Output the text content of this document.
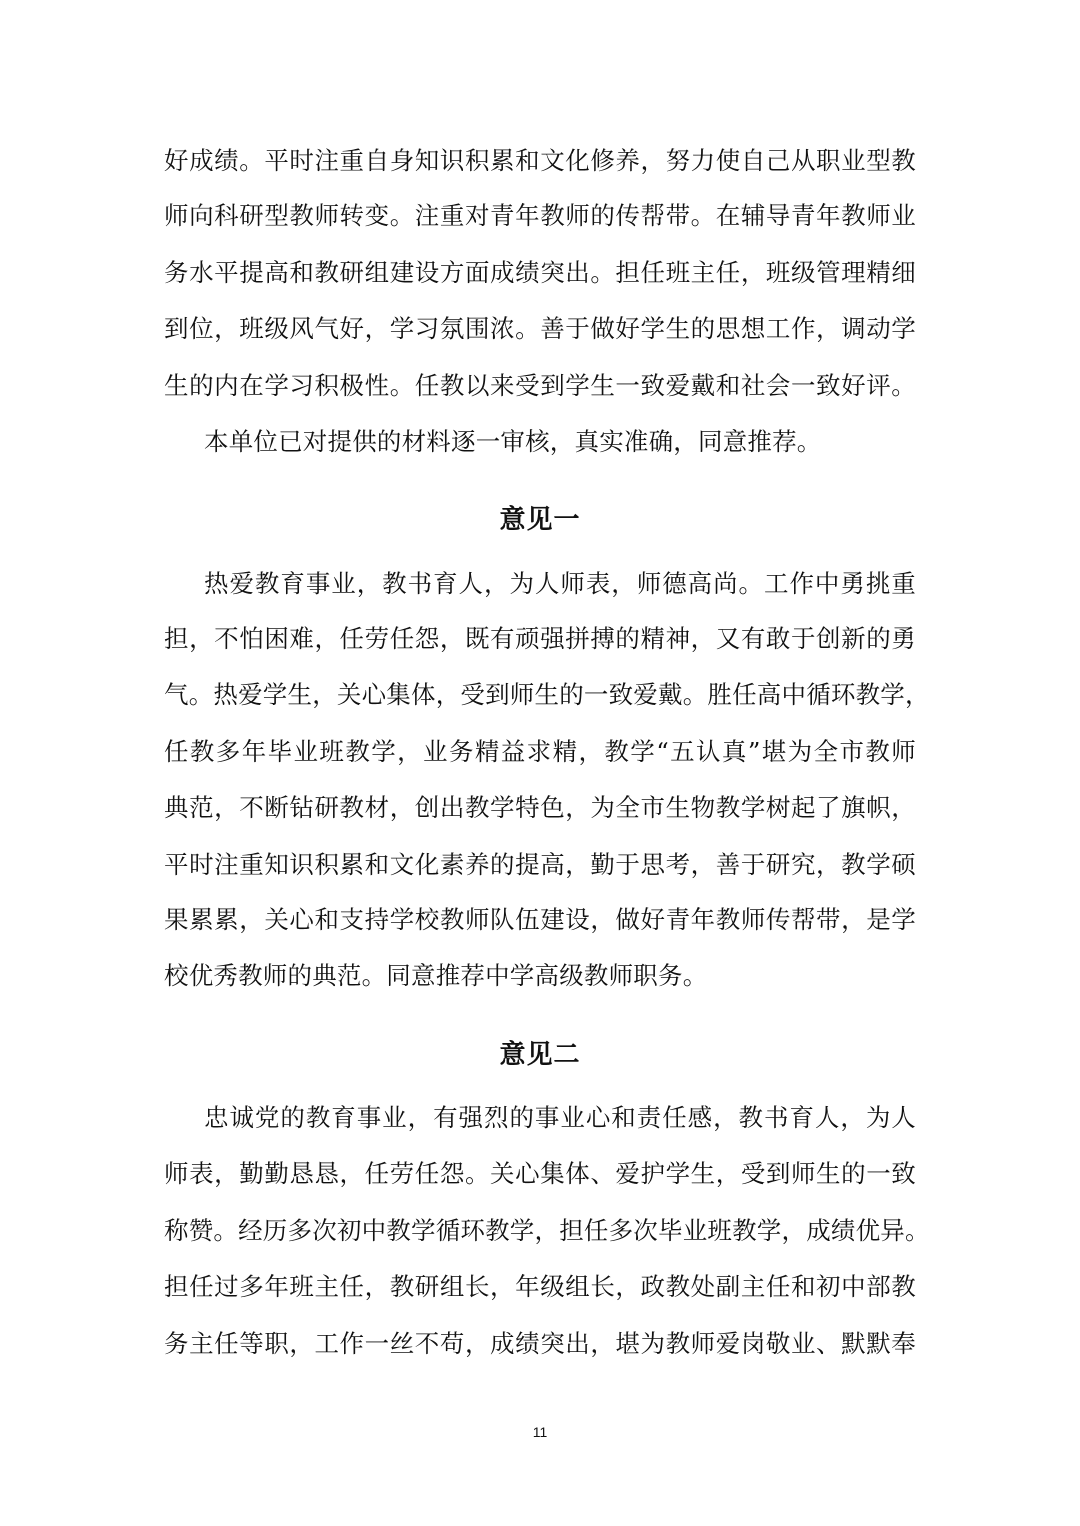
好成绩。平时注重自身知识积累和文化修养，努力使自己从职业型教
师向科研型教师转变。注重对青年教师的传帮带。在辅导青年教师业
务水平提高和教研组建设方面成绩突出。担任班主任，班级管理精细
到位，班级风气好，学习氛围浓。善于做好学生的思想工作，调动学
生的内在学习积极性。任教以来受到学生一致爱戴和社会一致好评。
本单位已对提供的材料逐一审核，真实准确，同意推荐。
意见一
热爱教育事业，教书育人，为人师表，师德高尚。工作中勇挑重
担，不怕困难，任劳任怨，既有顽强拼搏的精神，又有敢于创新的勇
气。热爱学生，关心集体，受到师生的一致爱戴。胜任高中循环教学，
任教多年毕业班教学，业务精益求精，教学“五认真”堪为全市教师
典范，不断钻研教材，创出教学特色，为全市生物教学树起了旗帜，
平时注重知识积累和文化素养的提高，勤于思考，善于研究，教学硕
果累累，关心和支持学校教师队伍建设，做好青年教师传帮带，是学
校优秀教师的典范。同意推荐中学高级教师职务。
意见二
忠诚党的教育事业，有强烈的事业心和责任感，教书育人，为人
师表，勤勤恳恳，任劳任怨。关心集体、爱护学生，受到师生的一致
称赞。经历多次初中教学循环教学，担任多次毕业班教学，成绩优异。
担任过多年班主任，教研组长，年级组长，政教处副主任和初中部教
务主任等职，工作一丝不苟，成绩突出，堪为教师爱岗敬业、默默奉
11
